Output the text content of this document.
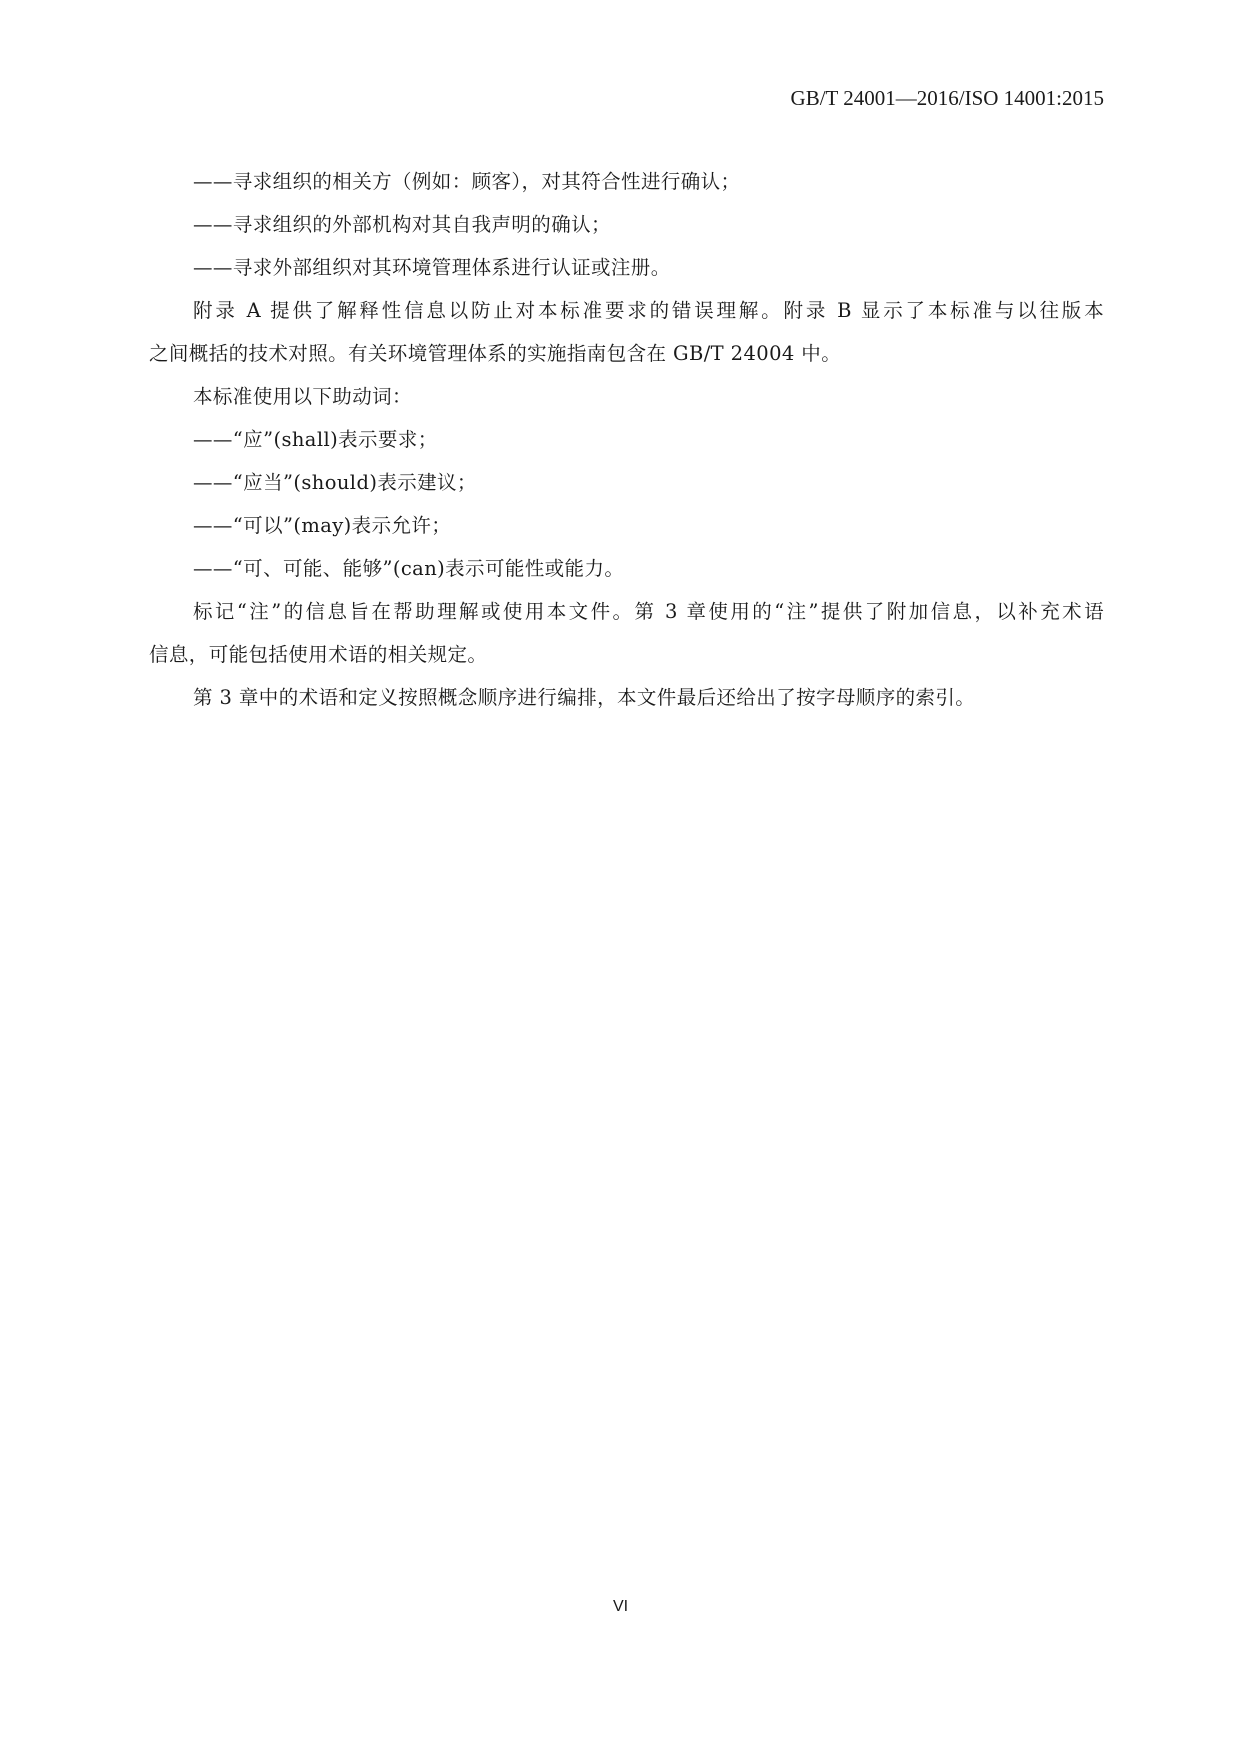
GB/T 24001—2016/ISO 14001:2015
——寻求组织的相关方（例如：顾客），对其符合性进行确认；
——寻求组织的外部机构对其自我声明的确认；
——寻求外部组织对其环境管理体系进行认证或注册。
附录 A 提供了解释性信息以防止对本标准要求的错误理解。附录 B 显示了本标准与以往版本
之间概括的技术对照。有关环境管理体系的实施指南包含在 GB/T 24004 中。
本标准使用以下助动词：
——“应”(shall)表示要求；
——“应当”(should)表示建议；
——“可以”(may)表示允许；
——“可、可能、能够”(can)表示可能性或能力。
标记“注”的信息旨在帮助理解或使用本文件。第 3 章使用的“注”提供了附加信息，以补充术语
信息，可能包括使用术语的相关规定。
第 3 章中的术语和定义按照概念顺序进行编排，本文件最后还给出了按字母顺序的索引。
VI
